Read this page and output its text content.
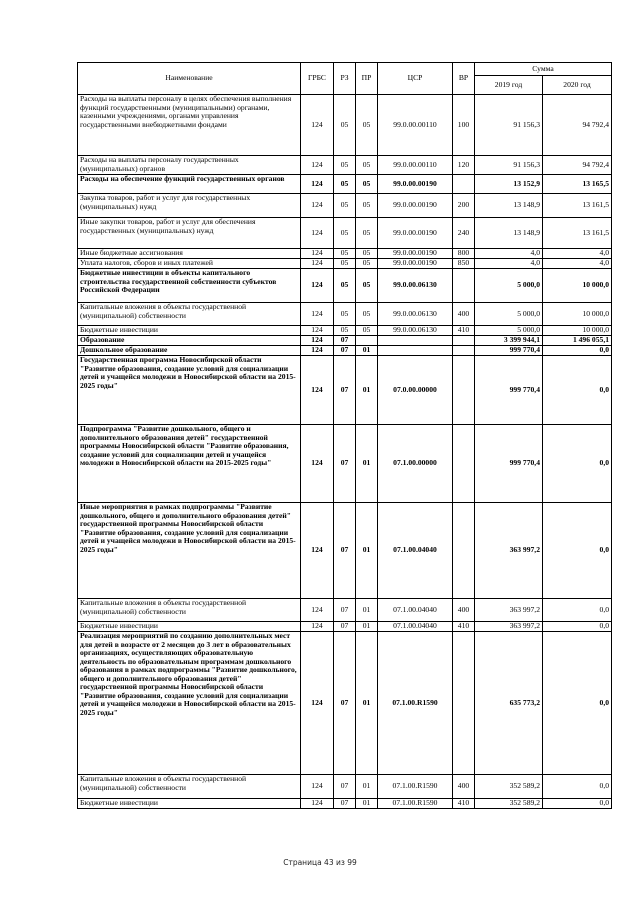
Наименование	ГРБС	РЗ	ПР	ЦСР	ВР	Сумма	
						2019 год	2020 год
Расходы на выплаты персоналу в целях обеспечения выполнения функций государственными (муниципальными) органами, казенными учреждениями, органами управления государственными внебюджетными фондами	124	05	05	99.0.00.00110	100	91 156,3	94 792,4
Расходы на выплаты персоналу государственных (муниципальных) органов	124	05	05	99.0.00.00110	120	91 156,3	94 792,4
Расходы на обеспечение функций государственных органов	124	05	05	99.0.00.00190		13 152,9	13 165,5
Закупка товаров, работ и услуг для государственных (муниципальных) нужд	124	05	05	99.0.00.00190	200	13 148,9	13 161,5
Иные закупки товаров, работ и услуг для обеспечения государственных (муниципальных) нужд	124	05	05	99.0.00.00190	240	13 148,9	13 161,5
Иные бюджетные ассигнования	124	05	05	99.0.00.00190	800	4,0	4,0
Уплата налогов, сборов и иных платежей	124	05	05	99.0.00.00190	850	4,0	4,0
Бюджетные инвестиции в объекты капитального строительства государственной собственности субъектов Российской Федерации	124	05	05	99.0.00.06130		5 000,0	10 000,0
Капитальные вложения в объекты государственной (муниципальной) собственности	124	05	05	99.0.00.06130	400	5 000,0	10 000,0
Бюджетные инвестиции	124	05	05	99.0.00.06130	410	5 000,0	10 000,0
Образование	124	07				3 399 944,1	1 496 055,1
Дошкольное образование	124	07	01			999 770,4	0,0
Государственная программа Новосибирской области "Развитие образования, создание условий для социализации детей и учащейся молодежи в Новосибирской области на 2015-2025 годы"	124	07	01	07.0.00.00000		999 770,4	0,0
Подпрограмма "Развитие дошкольного, общего и дополнительного образования детей" государственной программы Новосибирской области "Развитие образования, создание условий для социализации детей и учащейся молодежи в Новосибирской области на 2015-2025 годы"	124	07	01	07.1.00.00000		999 770,4	0,0
Иные мероприятия в рамках подпрограммы "Развитие дошкольного, общего и дополнительного образования детей" государственной программы Новосибирской области "Развитие образования, создание условий для социализации детей и учащейся молодежи в Новосибирской области на 2015-2025 годы"	124	07	01	07.1.00.04040		363 997,2	0,0
Капитальные вложения в объекты государственной (муниципальной) собственности	124	07	01	07.1.00.04040	400	363 997,2	0,0
Бюджетные инвестиции	124	07	01	07.1.00.04040	410	363 997,2	0,0
Реализация мероприятий по созданию дополнительных мест для детей в возрасте от 2 месяцев до 3 лет в образовательных организациях, осуществляющих образовательную деятельность по образовательным программам дошкольного образования в рамках подпрограммы "Развитие дошкольного, общего и дополнительного образования детей" государственной программы Новосибирской области "Развитие образования, создание условий для социализации детей и учащейся молодежи в Новосибирской области на 2015-2025 годы"	124	07	01	07.1.00.R1590		635 773,2	0,0
Капитальные вложения в объекты государственной (муниципальной) собственности	124	07	01	07.1.00.R1590	400	352 589,2	0,0
Бюджетные инвестиции	124	07	01	07.1.00.R1590	410	352 589,2	0,0
Страница 43 из 99
